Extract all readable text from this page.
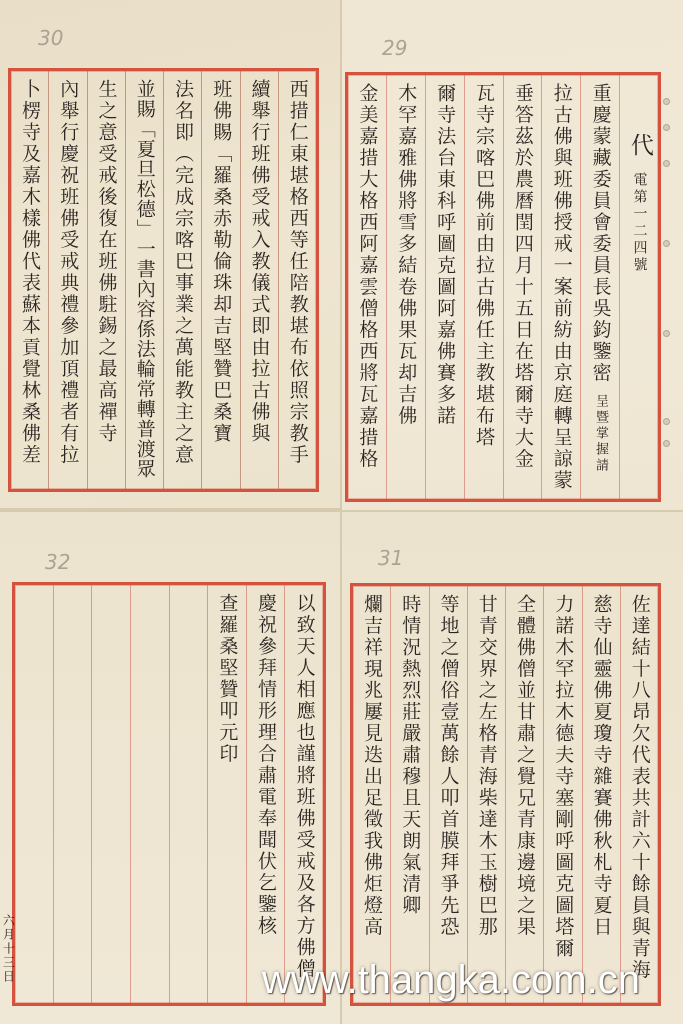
30
西措仁東堪格西等任陪教堪布依照宗教手
續舉行班佛受戒入教儀式即由拉古佛與
班佛賜「羅桑赤勒倫珠却吉堅贊巴桑寶
法名即（完成宗喀巴事業之萬能教主之意
並賜「夏旦松德」一書內容係法輪常轉普渡眾
生之意受戒後復在班佛駐錫之最高禪寺
內舉行慶祝班佛受戒典禮參加頂禮者有拉
卜楞寺及嘉木樣佛代表蘇本貢覺林桑佛差
29
代
電第一二四號
重慶蒙藏委員會委員長吳鈞鑒密
呈暨掌握請
拉古佛與班佛授戒一案前紡由京庭轉呈諒蒙
垂答茲於農曆閏四月十五日在塔爾寺大金
瓦寺宗喀巴佛前由拉古佛任主教堪布塔
爾寺法台東科呼圖克圖阿嘉佛賽多諾
木罕嘉雅佛將雪多結卷佛果瓦却吉佛
金美嘉措大格西阿嘉雲僧格西將瓦嘉措格
32
以致天人相應也謹將班佛受戒及各方佛僧
慶祝參拜情形理合肅電奉聞伏乞鑒核
查羅桑堅贊叩元印
六月十三日
31
佐達結十八昂欠代表共計六十餘員與青海
慈寺仙靈佛夏瓊寺雜賽佛秋札寺夏日
力諾木罕拉木德夫寺塞剛呼圖克圖塔爾
全體佛僧並甘肅之覺兄青康邊境之果
甘青交界之左格青海柴達木玉樹巴那
等地之僧俗壹萬餘人叩首膜拜爭先恐
時情況熱烈莊嚴肅穆且天朗氣清卿
爛吉祥現兆屢見迭出足徵我佛炬燈高
www.thangka.com.cn
